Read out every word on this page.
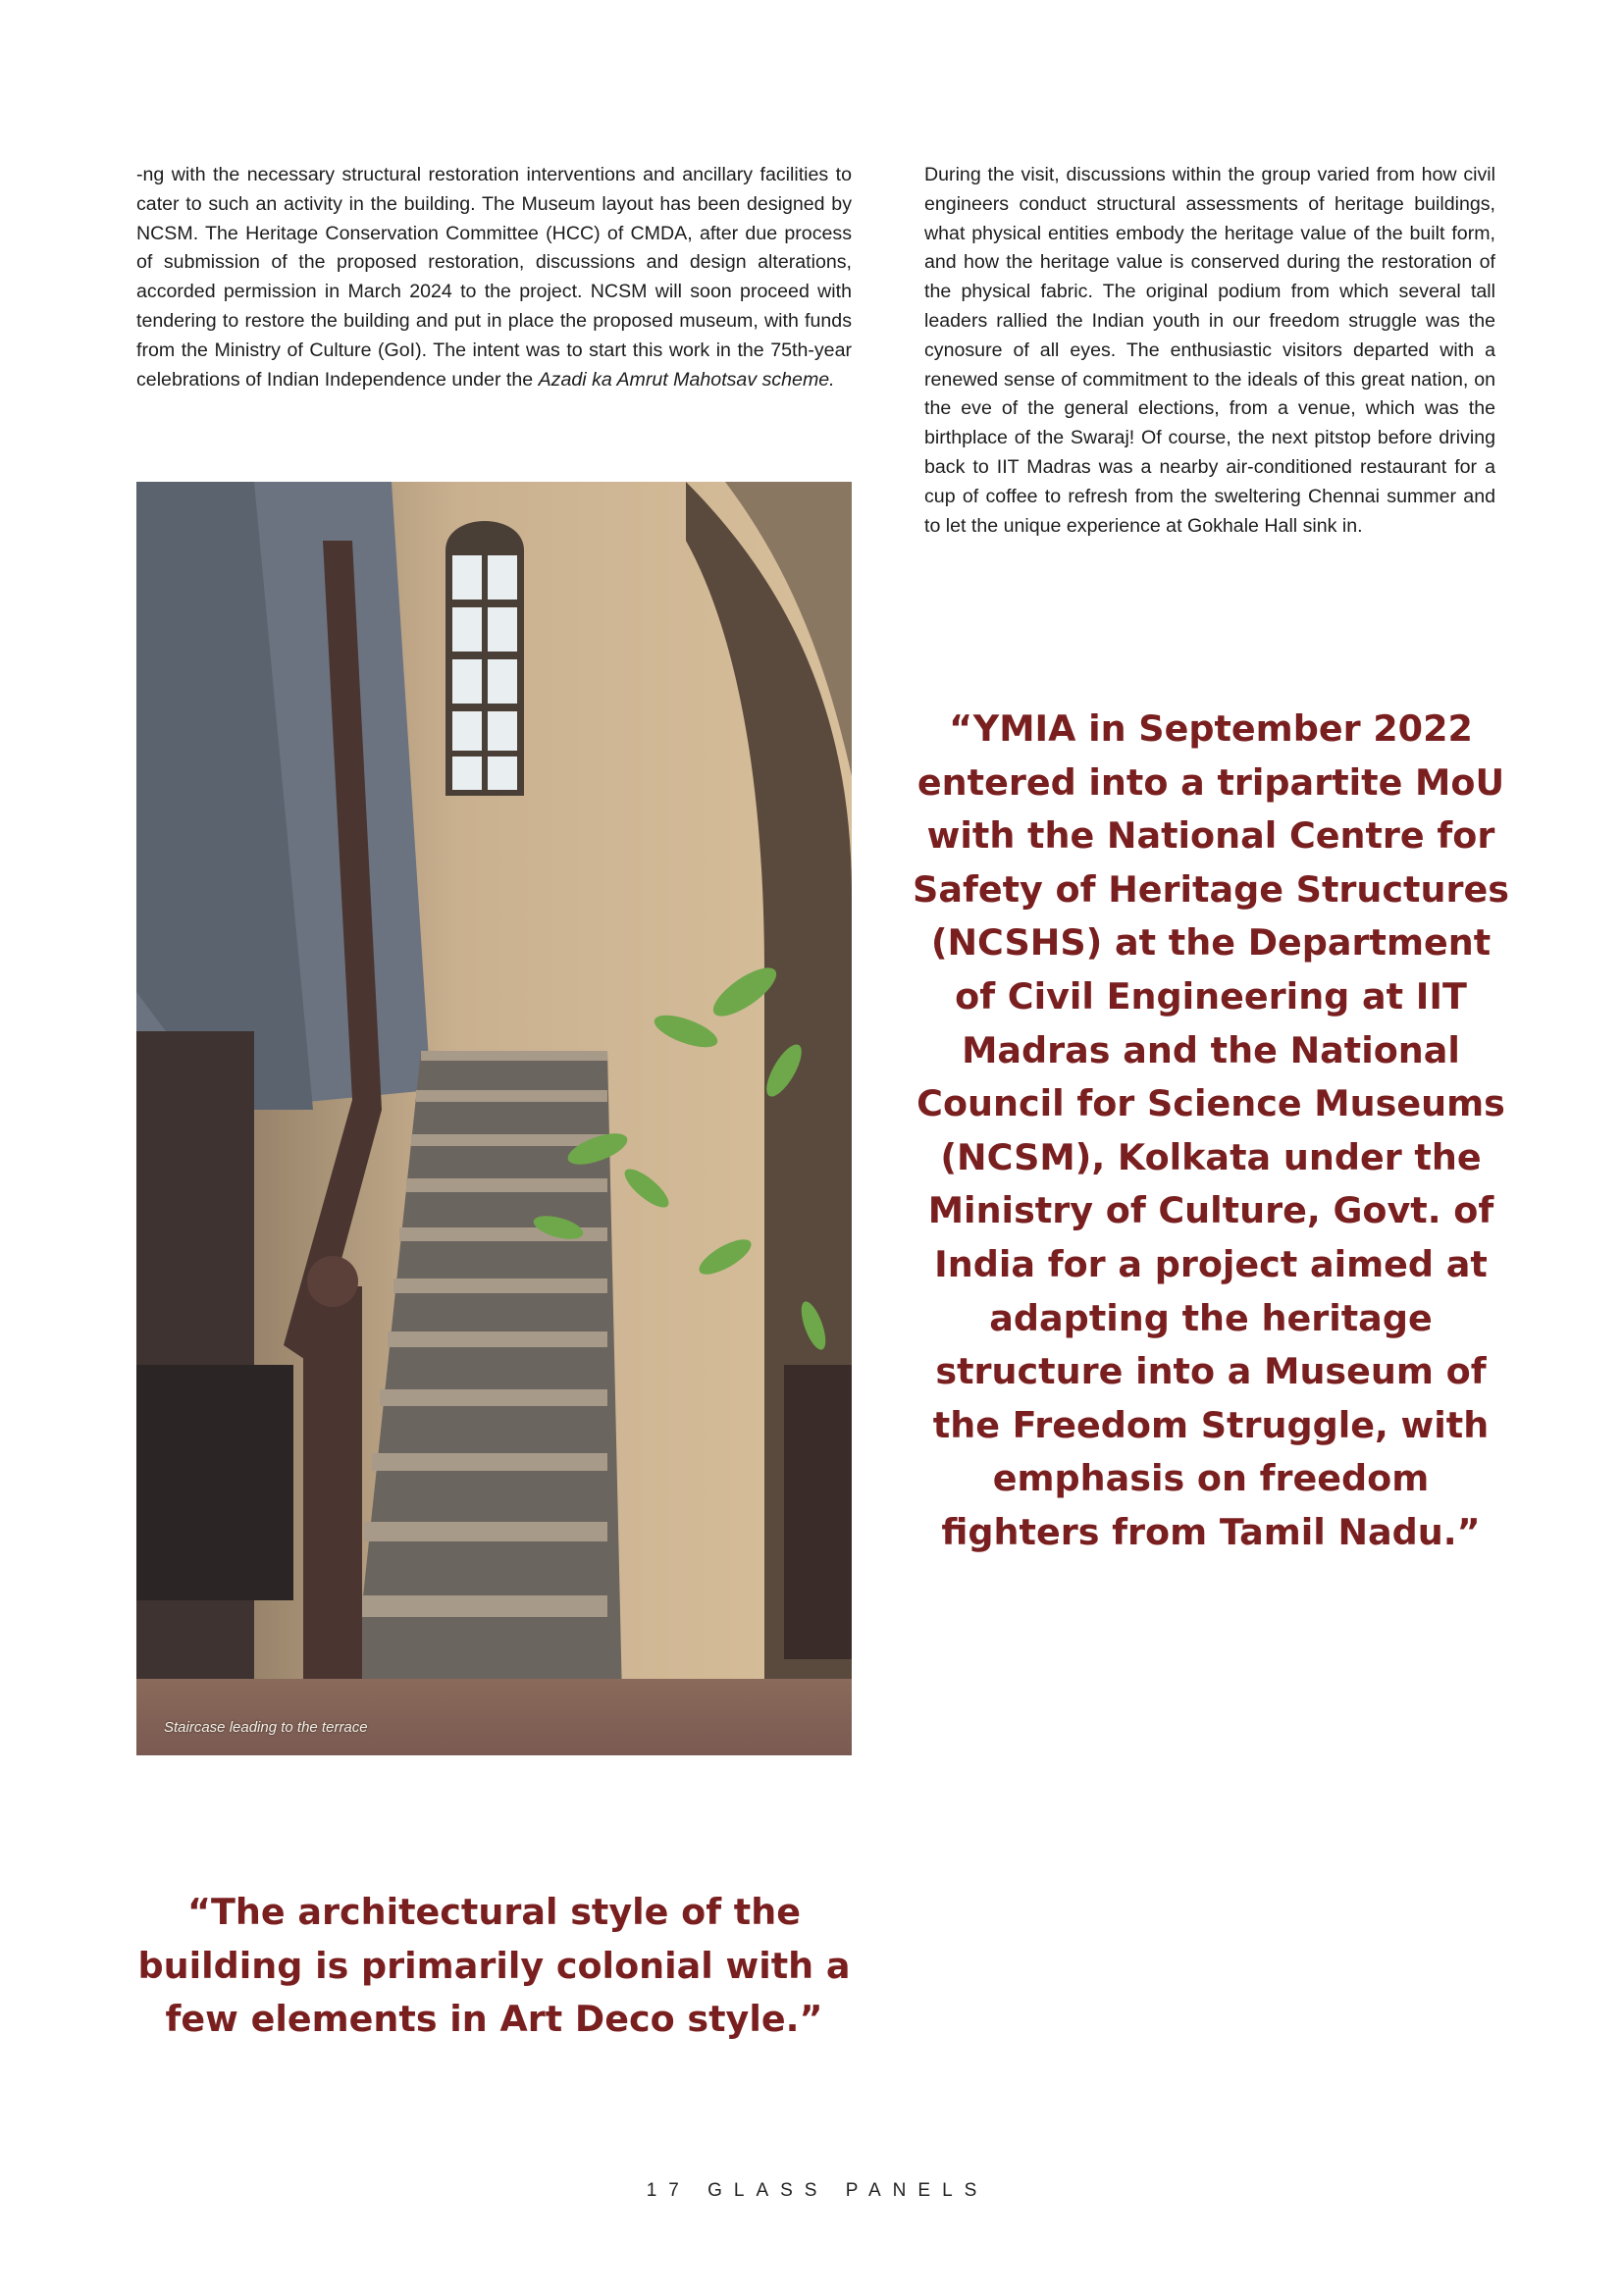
-ng with the necessary structural restoration interventions and ancillary facilities to cater to such an activity in the building. The Museum layout has been designed by NCSM. The Heritage Conservation Committee (HCC) of CMDA, after due process of submission of the proposed restoration, discussions and design alterations, accorded permission in March 2024 to the project. NCSM will soon proceed with tendering to restore the building and put in place the proposed museum, with funds from the Ministry of Culture (GoI). The intent was to start this work in the 75th-year celebrations of Indian Independence under the Azadi ka Amrut Mahotsav scheme.

During the visit, discussions within the group varied from how civil engineers conduct structural assessments of heritage buildings, what physical entities embody the heritage value of the built form, and how the heritage value is conserved during the restoration of the physical fabric. The original podium from which several tall leaders rallied the Indian youth in our freedom struggle was the cynosure of all eyes. The enthusiastic visitors departed with a renewed sense of commitment to the ideals of this great nation, on the eve of the general elections, from a venue, which was the birthplace of the Swaraj! Of course, the next pitstop before driving back to IIT Madras was a nearby air-conditioned restaurant for a cup of coffee to refresh from the sweltering Chennai summer and to let the unique experience at Gokhale Hall sink in.

Staircase leading to the terrace
“YMIA in September 2022 entered into a tripartite MoU with the National Centre for Safety of Heritage Structures (NCSHS) at the Department of Civil Engineering at IIT Madras and the National Council for Science Museums (NCSM), Kolkata under the Ministry of Culture, Govt. of India for a project aimed at adapting the heritage structure into a Museum of the Freedom Struggle, with emphasis on freedom fighters from Tamil Nadu.”
“The architectural style of the building is primarily colonial with a few elements in Art Deco style.”
17 GLASS PANELS
